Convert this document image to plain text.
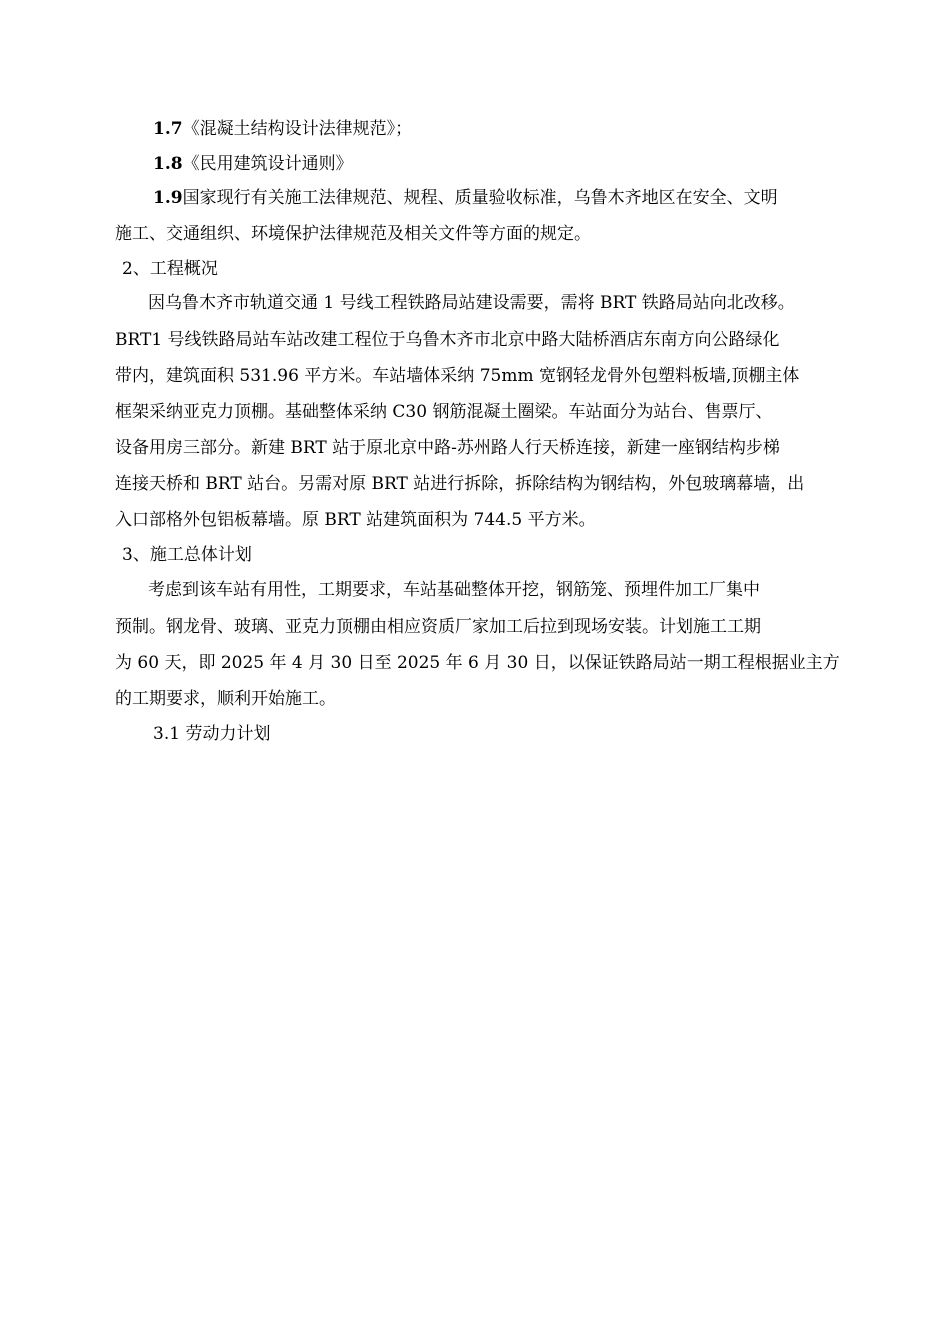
1.7《混凝土结构设计法律规范》；
1.8《民用建筑设计通则》
1.9国家现行有关施工法律规范、规程、质量验收标准，乌鲁木齐地区在安全、文明
施工、交通组织、环境保护法律规范及相关文件等方面的规定。
2、工程概况
因乌鲁木齐市轨道交通 1 号线工程铁路局站建设需要，需将 BRT 铁路局站向北改移。
BRT1 号线铁路局站车站改建工程位于乌鲁木齐市北京中路大陆桥酒店东南方向公路绿化
带内，建筑面积 531.96 平方米。车站墙体采纳 75mm 宽钢轻龙骨外包塑料板墙,顶棚主体
框架采纳亚克力顶棚。基础整体采纳 C30 钢筋混凝土圈梁。车站面分为站台、售票厅、
设备用房三部分。新建 BRT 站于原北京中路-苏州路人行天桥连接，新建一座钢结构步梯
连接天桥和 BRT 站台。另需对原 BRT 站进行拆除，拆除结构为钢结构，外包玻璃幕墙，出
入口部格外包铝板幕墙。原 BRT 站建筑面积为 744.5 平方米。
3、施工总体计划
考虑到该车站有用性，工期要求，车站基础整体开挖，钢筋笼、预埋件加工厂集中
预制。钢龙骨、玻璃、亚克力顶棚由相应资质厂家加工后拉到现场安装。计划施工工期
为 60 天，即 2025 年 4 月 30 日至 2025 年 6 月 30 日，以保证铁路局站一期工程根据业主方
的工期要求，顺利开始施工。
3.1 劳动力计划
